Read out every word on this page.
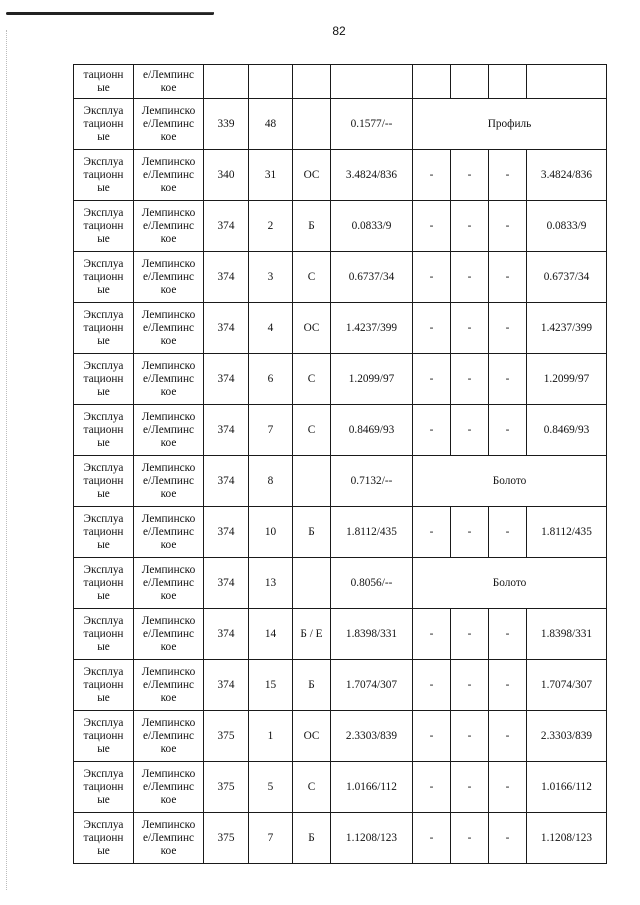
82
тационн
ые	е/Лемпинс
кое								
Эксплуа
тационн
ые	Лемпинско
е/Лемпинс
кое	339	48		0.1577/--	Профиль			
Эксплуа
тационн
ые	Лемпинско
е/Лемпинс
кое	340	31	ОС	3.4824/836	-	-	-	3.4824/836
Эксплуа
тационн
ые	Лемпинско
е/Лемпинс
кое	374	2	Б	0.0833/9	-	-	-	0.0833/9
Эксплуа
тационн
ые	Лемпинско
е/Лемпинс
кое	374	3	С	0.6737/34	-	-	-	0.6737/34
Эксплуа
тационн
ые	Лемпинско
е/Лемпинс
кое	374	4	ОС	1.4237/399	-	-	-	1.4237/399
Эксплуа
тационн
ые	Лемпинско
е/Лемпинс
кое	374	6	С	1.2099/97	-	-	-	1.2099/97
Эксплуа
тационн
ые	Лемпинско
е/Лемпинс
кое	374	7	С	0.8469/93	-	-	-	0.8469/93
Эксплуа
тационн
ые	Лемпинско
е/Лемпинс
кое	374	8		0.7132/--	Болото			
Эксплуа
тационн
ые	Лемпинско
е/Лемпинс
кое	374	10	Б	1.8112/435	-	-	-	1.8112/435
Эксплуа
тационн
ые	Лемпинско
е/Лемпинс
кое	374	13		0.8056/--	Болото			
Эксплуа
тационн
ые	Лемпинско
е/Лемпинс
кое	374	14	Б / Е	1.8398/331	-	-	-	1.8398/331
Эксплуа
тационн
ые	Лемпинско
е/Лемпинс
кое	374	15	Б	1.7074/307	-	-	-	1.7074/307
Эксплуа
тационн
ые	Лемпинско
е/Лемпинс
кое	375	1	ОС	2.3303/839	-	-	-	2.3303/839
Эксплуа
тационн
ые	Лемпинско
е/Лемпинс
кое	375	5	С	1.0166/112	-	-	-	1.0166/112
Эксплуа
тационн
ые	Лемпинско
е/Лемпинс
кое	375	7	Б	1.1208/123	-	-	-	1.1208/123
